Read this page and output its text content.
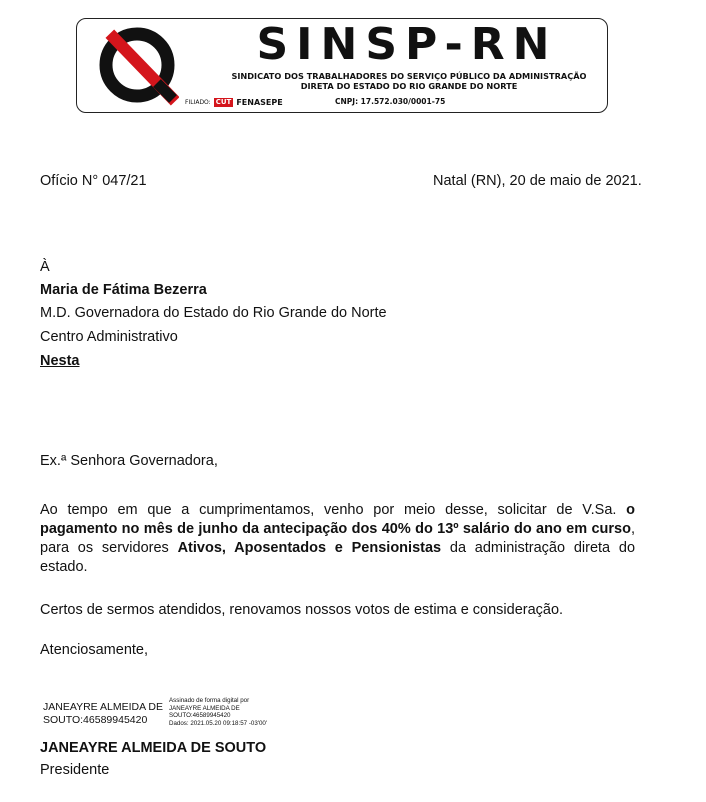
SINSP-RN
SINDICATO DOS TRABALHADORES DO SERVIÇO PÚBLICO DA ADMINISTRAÇÃO
DIRETA DO ESTADO DO RIO GRANDE DO NORTE
FILIADO: CUT FENASEPE	CNPJ: 17.572.030/0001-75
Ofício N° 047/21	Natal (RN), 20 de maio de 2021.
À
Maria de Fátima Bezerra
M.D. Governadora do Estado do Rio Grande do Norte
Centro Administrativo
Nesta
Ex.ª Senhora Governadora,
Ao tempo em que a cumprimentamos, venho por meio desse, solicitar de V.Sa. o pagamento no mês de junho da antecipação dos 40% do 13º salário do ano em curso, para os servidores Ativos, Aposentados e Pensionistas da administração direta do estado.
Certos de sermos atendidos, renovamos nossos votos de estima e consideração.
Atenciosamente,
JANEAYRE ALMEIDA DE
SOUTO:46589945420
Assinado de forma digital por
JANEAYRE ALMEIDA DE
SOUTO:46589945420
Dados: 2021.05.20 09:18:57 -03'00'
JANEAYRE ALMEIDA DE SOUTO
Presidente
